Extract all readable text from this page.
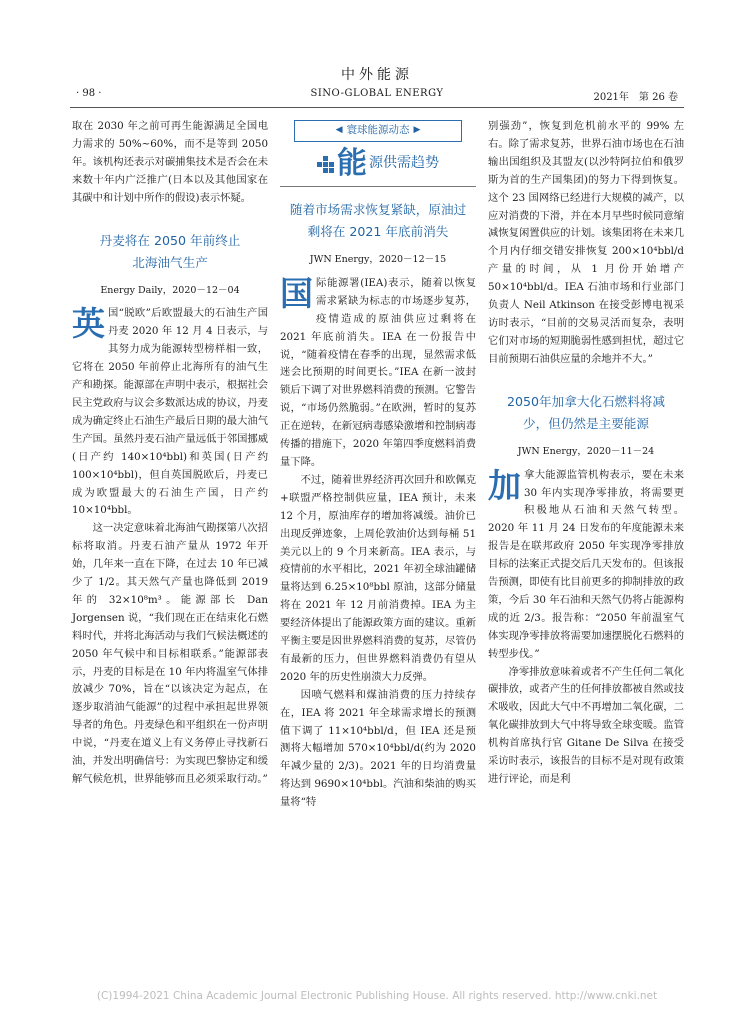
中外能源
· 98 ·	SINO-GLOBAL ENERGY	2021年　第 26 卷

取在 2030 年之前可再生能源满足全国电力需求的 50%~60%，而不是等到 2050 年。该机构还表示对碳捕集技术是否会在未来数十年内广泛推广(日本以及其他国家在其碳中和计划中所作的假设)表示怀疑。

丹麦将在 2050 年前终止北海油气生产

Energy Daily，2020－12－04

英国“脱欧”后欧盟最大的石油生产国丹麦 2020 年 12 月 4 日表示，与其努力成为能源转型榜样相一致，它将在 2050 年前停止北海所有的油气生产和勘探。能源部在声明中表示，根据社会民主党政府与议会多数派达成的协议，丹麦成为确定终止石油生产最后日期的最大油气生产国。虽然丹麦石油产量远低于邻国挪威(日产约 140×10⁴bbl)和英国(日产约 100×10⁴bbl)，但自英国脱欧后，丹麦已成为欧盟最大的石油生产国，日产约 10×10⁴bbl。

这一决定意味着北海油气勘探第八次招标将取消。丹麦石油产量从 1972 年开始，几年来一直在下降，在过去 10 年已减少了 1/2。其天然气产量也降低到 2019 年的 32×10⁸m³。能源部长 Dan Jorgensen 说，“我们现在正在结束化石燃料时代，并将北海活动与我们气候法概述的 2050 年气候中和目标相联系。”能源部表示，丹麦的目标是在 10 年内将温室气体排放减少 70%，旨在“以该决定为起点，在逐步取消油气能源”的过程中承担起世界领导者的角色。丹麦绿色和平组织在一份声明中说，“丹麦在道义上有义务停止寻找新石油，并发出明确信号：为实现巴黎协定和缓解气候危机，世界能够而且必须采取行动。”

◀ 寰球能源动态 ▶
能 源供需趋势

随着市场需求恢复紧缺，原油过剩将在 2021 年底前消失

JWN Energy，2020－12－15

国际能源署(IEA)表示，随着以恢复需求紧缺为标志的市场逐步复苏，疫情造成的原油供应过剩将在 2021 年底前消失。IEA 在一份报告中说，“随着疫情在春季的出现，显然需求低迷会比预期的时间更长。”IEA 在新一波封锁后下调了对世界燃料消费的预测。它警告说，“市场仍然脆弱。”在欧洲，暂时的复苏正在逆转，在新冠病毒感染激增和控制病毒传播的措施下，2020 年第四季度燃料消费量下降。

不过，随着世界经济再次回升和欧佩克+联盟严格控制供应量，IEA 预计，未来 12 个月，原油库存的增加将减缓。油价已出现反弹迹象，上周伦敦油价达到每桶 51 美元以上的 9 个月来新高。IEA 表示，与疫情前的水平相比，2021 年初全球油罐储量将达到 6.25×10⁸bbl 原油，这部分储量将在 2021 年 12 月前消费掉。IEA 为主要经济体提出了能源政策方面的建议。重新平衡主要是因世界燃料消费的复苏，尽管仍有最新的压力，但世界燃料消费仍有望从 2020 年的历史性崩溃大力反弹。

因喷气燃料和煤油消费的压力持续存在，IEA 将 2021 年全球需求增长的预测值下调了 11×10⁴bbl/d，但 IEA 还是预测将大幅增加 570×10⁴bbl/d(约为 2020 年减少量的 2/3)。2021 年的日均消费量将达到 9690×10⁴bbl。汽油和柴油的购买量将“特

别强劲”，恢复到危机前水平的 99% 左右。除了需求复苏，世界石油市场也在石油输出国组织及其盟友(以沙特阿拉伯和俄罗斯为首的生产国集团)的努力下得到恢复。这个 23 国网络已经进行大规模的减产，以应对消费的下滑，并在本月早些时候同意缩减恢复闲置供应的计划。该集团将在未来几个月内仔细交错安排恢复 200×10⁴bbl/d 产量的时间，从 1 月份开始增产 50×10⁴bbl/d。IEA 石油市场和行业部门负责人 Neil Atkinson 在接受彭博电视采访时表示，“目前的交易灵活而复杂，表明它们对市场的短期脆弱性感到担忧，超过它目前预期石油供应量的余地并不大。”

2050年加拿大化石燃料将减少，但仍然是主要能源

JWN Energy，2020－11－24

加拿大能源监管机构表示，要在未来 30 年内实现净零排放，将需要更积极地从石油和天然气转型。2020 年 11 月 24 日发布的年度能源未来报告是在联邦政府 2050 年实现净零排放目标的法案正式提交后几天发布的。但该报告预测，即使有比目前更多的抑制排放的政策，今后 30 年石油和天然气仍将占能源构成的近 2/3。报告称：“2050 年前温室气体实现净零排放将需要加速摆脱化石燃料的转型步伐。”

净零排放意味着或者不产生任何二氧化碳排放，或者产生的任何排放都被自然或技术吸收，因此大气中不再增加二氧化碳，二氧化碳排放到大气中将导致全球变暖。监管机构首席执行官 Gitane De Silva 在接受采访时表示，该报告的目标不是对现有政策进行评论，而是利

(C)1994-2021 China Academic Journal Electronic Publishing House. All rights reserved. http://www.cnki.net
